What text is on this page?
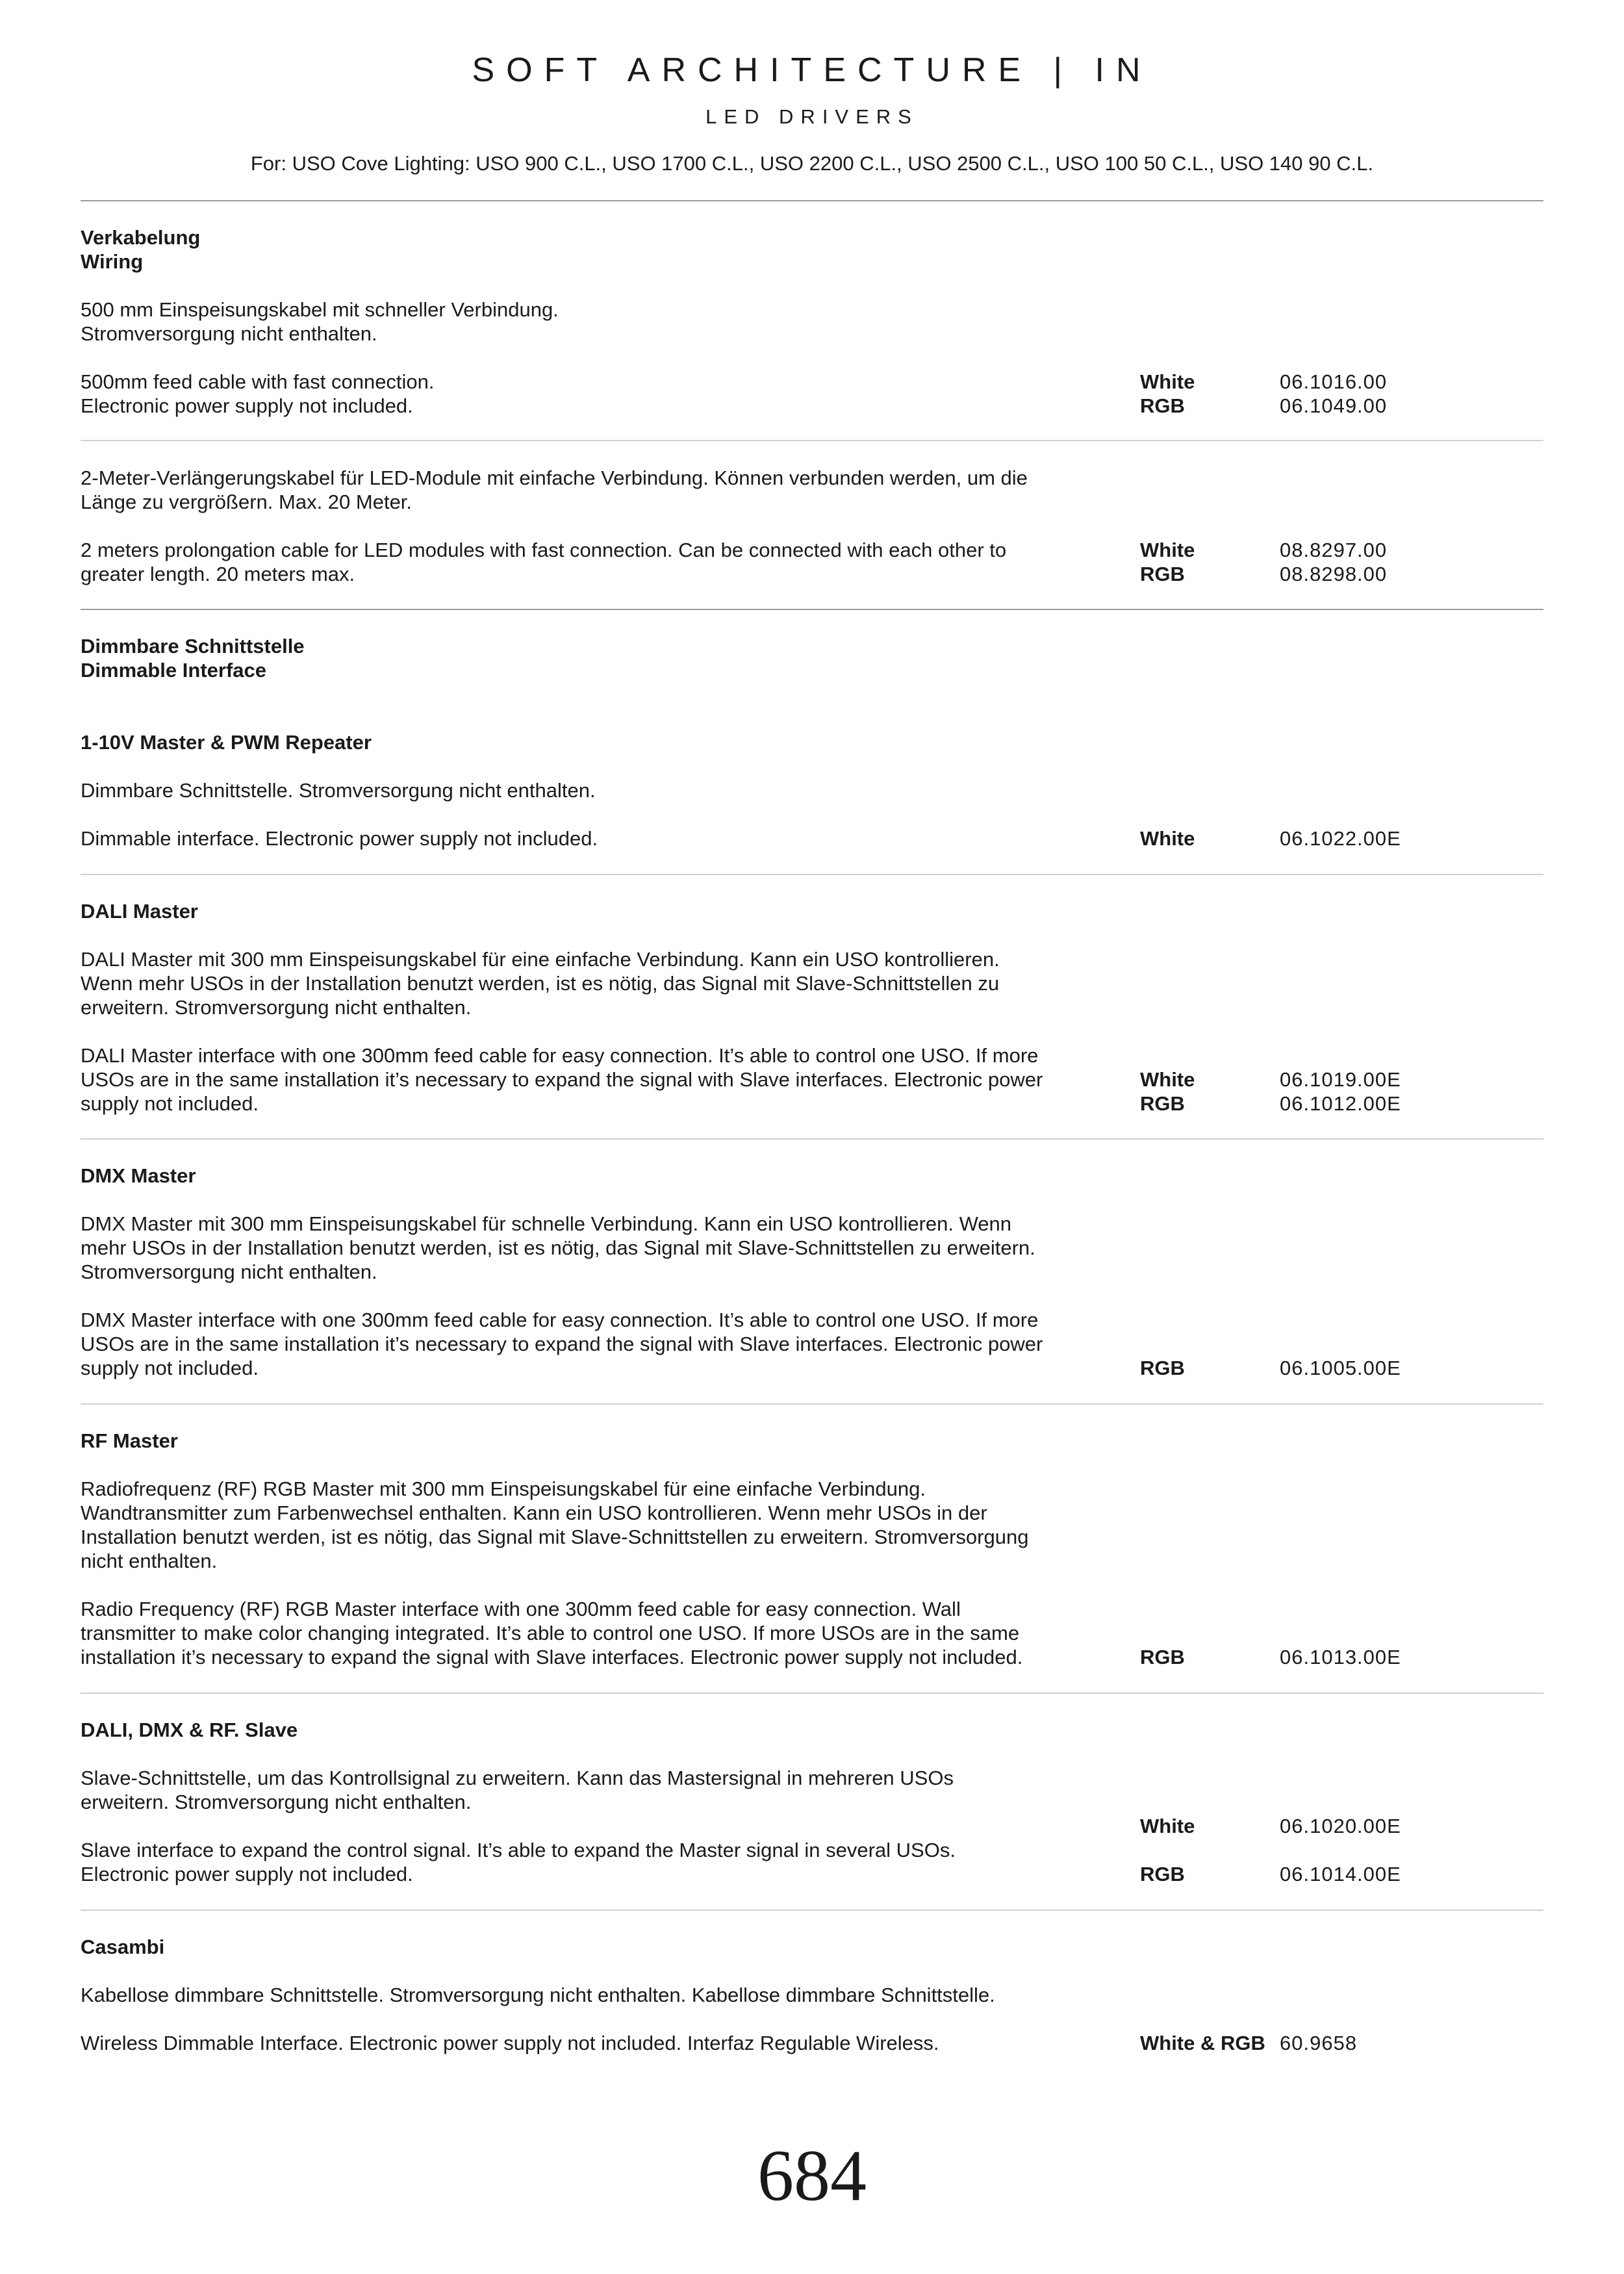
SOFT ARCHITECTURE | IN
LED DRIVERS
For: USO Cove Lighting: USO 900 C.L., USO 1700 C.L., USO 2200 C.L., USO 2500 C.L., USO 100 50 C.L., USO 140 90 C.L.
Verkabelung
Wiring
500 mm Einspeisungskabel mit schneller Verbindung.
Stromversorgung nicht enthalten.
500mm feed cable with fast connection.
Electronic power supply not included.
White	06.1016.00
RGB	06.1049.00
2-Meter-Verlängerungskabel für LED-Module mit einfache Verbindung. Können verbunden werden, um die
Länge zu vergrößern. Max. 20 Meter.
2 meters prolongation cable for LED modules with fast connection. Can be connected with each other to
greater length. 20 meters max.
White	08.8297.00
RGB	08.8298.00
Dimmbare Schnittstelle
Dimmable Interface
1-10V Master & PWM Repeater
Dimmbare Schnittstelle. Stromversorgung nicht enthalten.
Dimmable interface. Electronic power supply not included.	White	06.1022.00E
DALI Master
DALI Master mit 300 mm Einspeisungskabel für eine einfache Verbindung. Kann ein USO kontrollieren.
Wenn mehr USOs in der Installation benutzt werden, ist es nötig, das Signal mit Slave-Schnittstellen zu
erweitern. Stromversorgung nicht enthalten.
DALI Master interface with one 300mm feed cable for easy connection. It’s able to control one USO. If more
USOs are in the same installation it’s necessary to expand the signal with Slave interfaces. Electronic power
supply not included.
White	06.1019.00E
RGB	06.1012.00E
DMX Master
DMX Master mit 300 mm Einspeisungskabel für schnelle Verbindung. Kann ein USO kontrollieren. Wenn
mehr USOs in der Installation benutzt werden, ist es nötig, das Signal mit Slave-Schnittstellen zu erweitern.
Stromversorgung nicht enthalten.
DMX Master interface with one 300mm feed cable for easy connection. It’s able to control one USO. If more
USOs are in the same installation it’s necessary to expand the signal with Slave interfaces. Electronic power
supply not included.	RGB	06.1005.00E
RF Master
Radiofrequenz (RF) RGB Master mit 300 mm Einspeisungskabel für eine einfache Verbindung.
Wandtransmitter zum Farbenwechsel enthalten. Kann ein USO kontrollieren. Wenn mehr USOs in der
Installation benutzt werden, ist es nötig, das Signal mit Slave-Schnittstellen zu erweitern. Stromversorgung
nicht enthalten.
Radio Frequency (RF) RGB Master interface with one 300mm feed cable for easy connection. Wall
transmitter to make color changing integrated. It’s able to control one USO. If more USOs are in the same
installation it’s necessary to expand the signal with Slave interfaces. Electronic power supply not included.	RGB	06.1013.00E
DALI, DMX & RF. Slave
Slave-Schnittstelle, um das Kontrollsignal zu erweitern. Kann das Mastersignal in mehreren USOs
erweitern. Stromversorgung nicht enthalten.
Slave interface to expand the control signal. It’s able to expand the Master signal in several USOs.
Electronic power supply not included.
White	06.1020.00E
RGB	06.1014.00E
Casambi
Kabellose dimmbare Schnittstelle. Stromversorgung nicht enthalten. Kabellose dimmbare Schnittstelle.
Wireless Dimmable Interface. Electronic power supply not included. Interfaz Regulable Wireless.	White & RGB 60.9658
684
